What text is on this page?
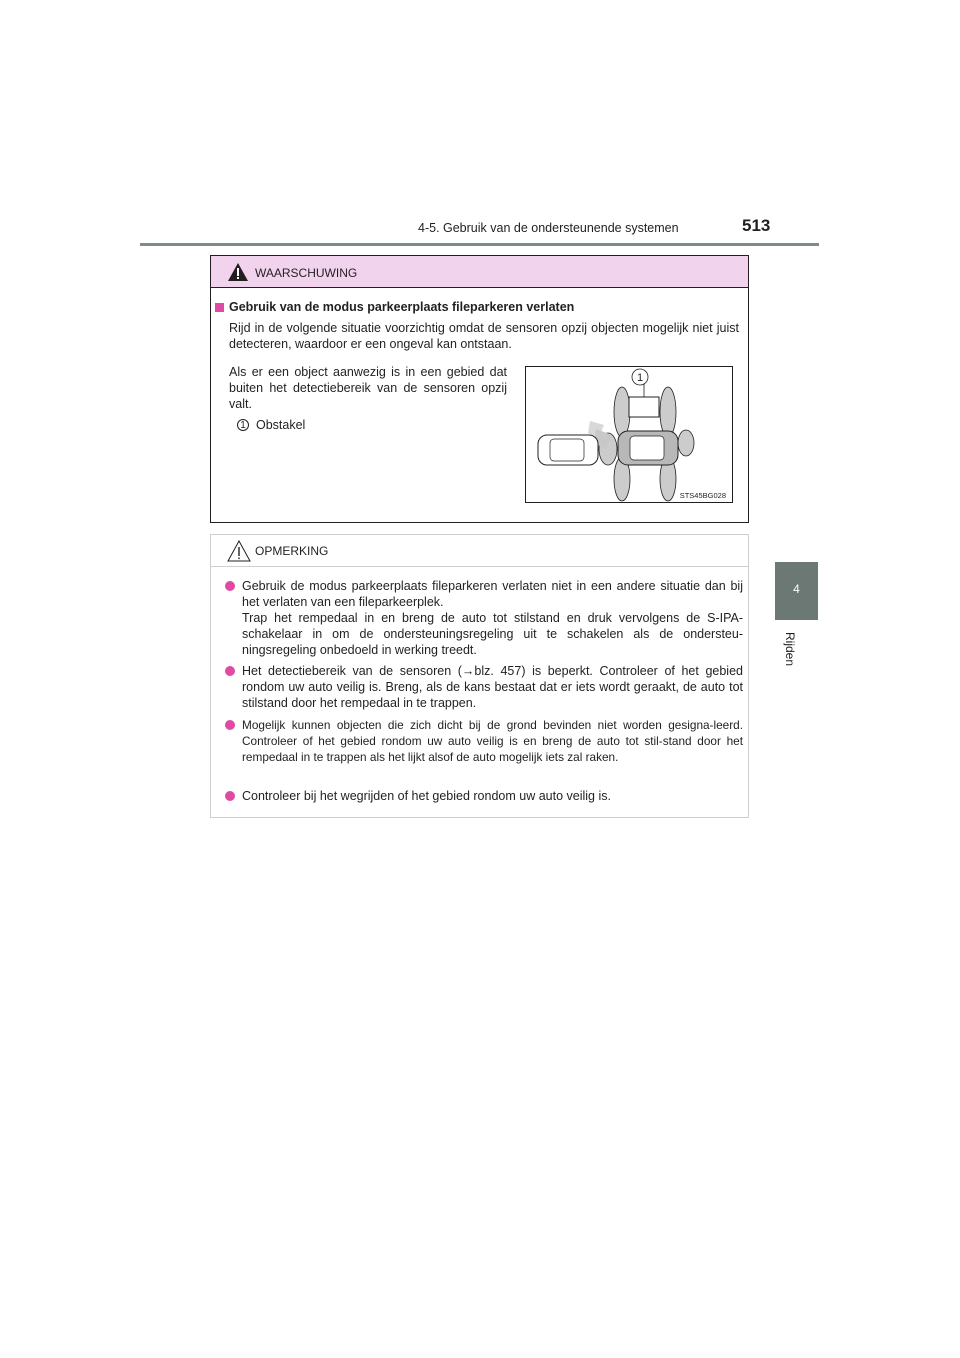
4-5. Gebruik van de ondersteunende systemen	513
4
Rijden
WAARSCHUWING
Gebruik van de modus parkeerplaats fileparkeren verlaten
Rijd in de volgende situatie voorzichtig omdat de sensoren opzij objecten mogelijk niet juist detecteren, waardoor er een ongeval kan ontstaan.
Als er een object aanwezig is in een gebied dat buiten het detectiebereik van de sensoren opzij valt.
1 Obstakel
1
STS45BG028
OPMERKING
Gebruik de modus parkeerplaats fileparkeren verlaten niet in een andere situatie dan bij het verlaten van een fileparkeerplek.
Trap het rempedaal in en breng de auto tot stilstand en druk vervolgens de S-IPA-schakelaar in om de ondersteuningsregeling uit te schakelen als de ondersteu-ningsregeling onbedoeld in werking treedt.
Het detectiebereik van de sensoren (→blz. 457) is beperkt. Controleer of het gebied rondom uw auto veilig is. Breng, als de kans bestaat dat er iets wordt geraakt, de auto tot stilstand door het rempedaal in te trappen.
Mogelijk kunnen objecten die zich dicht bij de grond bevinden niet worden gesigna-leerd. Controleer of het gebied rondom uw auto veilig is en breng de auto tot stil-stand door het rempedaal in te trappen als het lijkt alsof de auto mogelijk iets zal raken.
Controleer bij het wegrijden of het gebied rondom uw auto veilig is.
